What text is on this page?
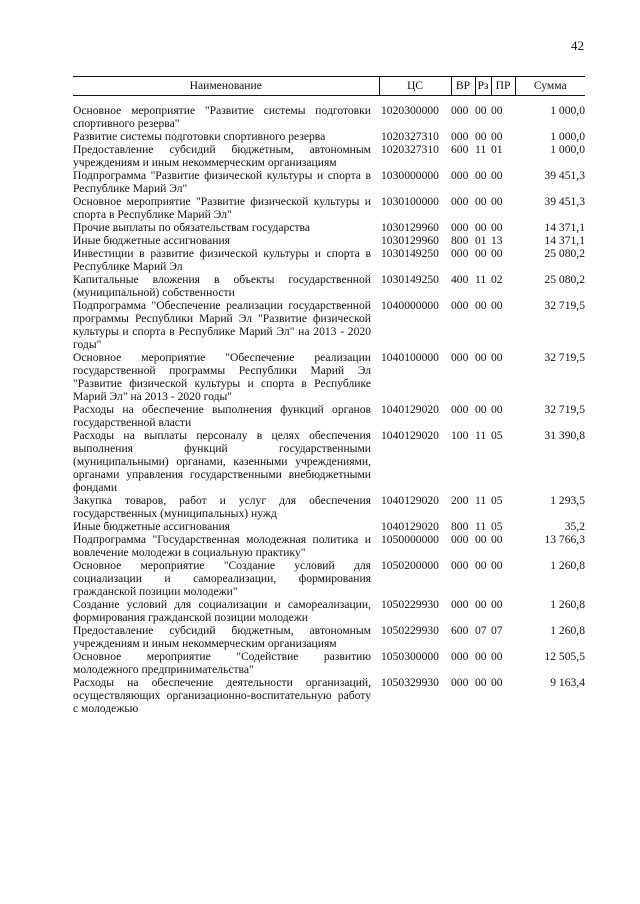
42
Наименование	ЦС	ВР	Рз	ПР	Сумма

Основное мероприятие "Развитие системы подготовки спортивного резерва"	1020300000	000	00	00	1 000,0
Развитие системы подготовки спортивного резерва	1020327310	000	00	00	1 000,0
Предоставление субсидий бюджетным, автономным учреждениям и иным некоммерческим организациям	1020327310	600	11	01	1 000,0
Подпрограмма "Развитие физической культуры и спорта в Республике Марий Эл"	1030000000	000	00	00	39 451,3
Основное мероприятие "Развитие физической культуры и спорта в Республике Марий Эл"	1030100000	000	00	00	39 451,3
Прочие выплаты по обязательствам государства	1030129960	000	00	00	14 371,1
Иные бюджетные ассигнования	1030129960	800	01	13	14 371,1
Инвестиции в развитие физической культуры и спорта в Республике Марий Эл	1030149250	000	00	00	25 080,2
Капитальные вложения в объекты государственной (муниципальной) собственности	1030149250	400	11	02	25 080,2
Подпрограмма "Обеспечение реализации государственной программы Республики Марий Эл "Развитие физической культуры и спорта в Республике Марий Эл" на 2013 - 2020 годы"	1040000000	000	00	00	32 719,5
Основное мероприятие "Обеспечение реализации государственной программы Республики Марий Эл "Развитие физической культуры и спорта в Республике Марий Эл" на 2013 - 2020 годы"	1040100000	000	00	00	32 719,5
Расходы на обеспечение выполнения функций органов государственной власти	1040129020	000	00	00	32 719,5
Расходы на выплаты персоналу в целях обеспечения выполнения функций государственными (муниципальными) органами, казенными учреждениями, органами управления государственными внебюджетными фондами	1040129020	100	11	05	31 390,8
Закупка товаров, работ и услуг для обеспечения государственных (муниципальных) нужд	1040129020	200	11	05	1 293,5
Иные бюджетные ассигнования	1040129020	800	11	05	35,2
Подпрограмма "Государственная молодежная политика и вовлечение молодежи в социальную практику"	1050000000	000	00	00	13 766,3
Основное мероприятие "Создание условий для социализации и самореализации, формирования гражданской позиции молодежи"	1050200000	000	00	00	1 260,8
Создание условий для социализации и самореализации, формирования гражданской позиции молодежи	1050229930	000	00	00	1 260,8
Предоставление субсидий бюджетным, автономным учреждениям и иным некоммерческим организациям	1050229930	600	07	07	1 260,8
Основное мероприятие "Содействие развитию молодежного предпринимательства"	1050300000	000	00	00	12 505,5
Расходы на обеспечение деятельности организаций, осуществляющих организационно-воспитательную работу с молодежью	1050329930	000	00	00	9 163,4
